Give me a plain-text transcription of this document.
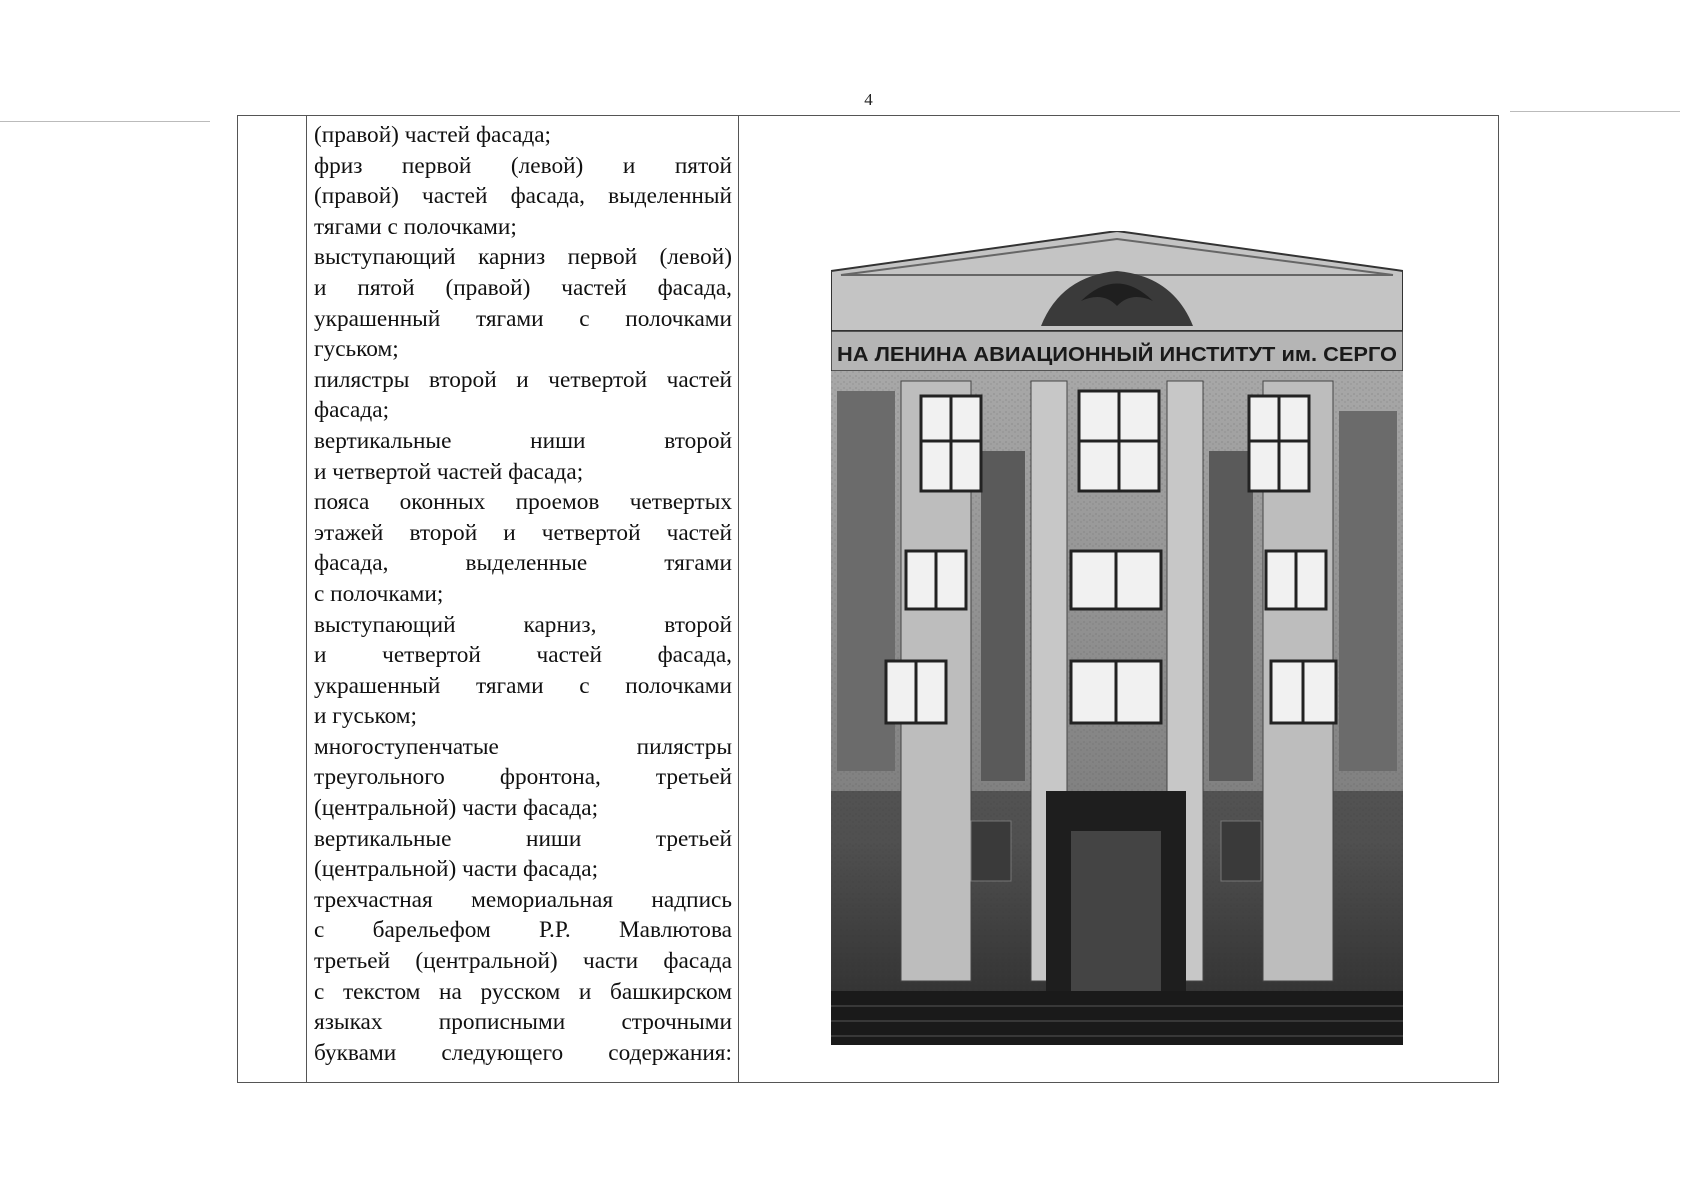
4
(правой) частей фасада;
фриз первой (левой) и пятой
(правой) частей фасада, выделенный
тягами с полочками;
выступающий карниз первой (левой)
и пятой (правой) частей фасада,
украшенный тягами с полочками
гуськом;
пилястры второй и четвертой частей
фасада;
вертикальные ниши второй
и четвертой частей фасада;
пояса оконных проемов четвертых
этажей второй и четвертой частей
фасада, выделенные тягами
с полочками;
выступающий карниз, второй
и четвертой частей фасада,
украшенный тягами с полочками
и гуськом;
многоступенчатые пилястры
треугольного фронтона, третьей
(центральной) части фасада;
вертикальные ниши третьей
(центральной) части фасада;
трехчастная мемориальная надпись
с барельефом Р.Р. Мавлютова
третьей (центральной) части фасада
с текстом на русском и башкирском
языках прописными строчными
буквами следующего содержания:
НА ЛЕНИНА АВИАЦИОННЫЙ ИНСТИТУТ им. СЕРГО
